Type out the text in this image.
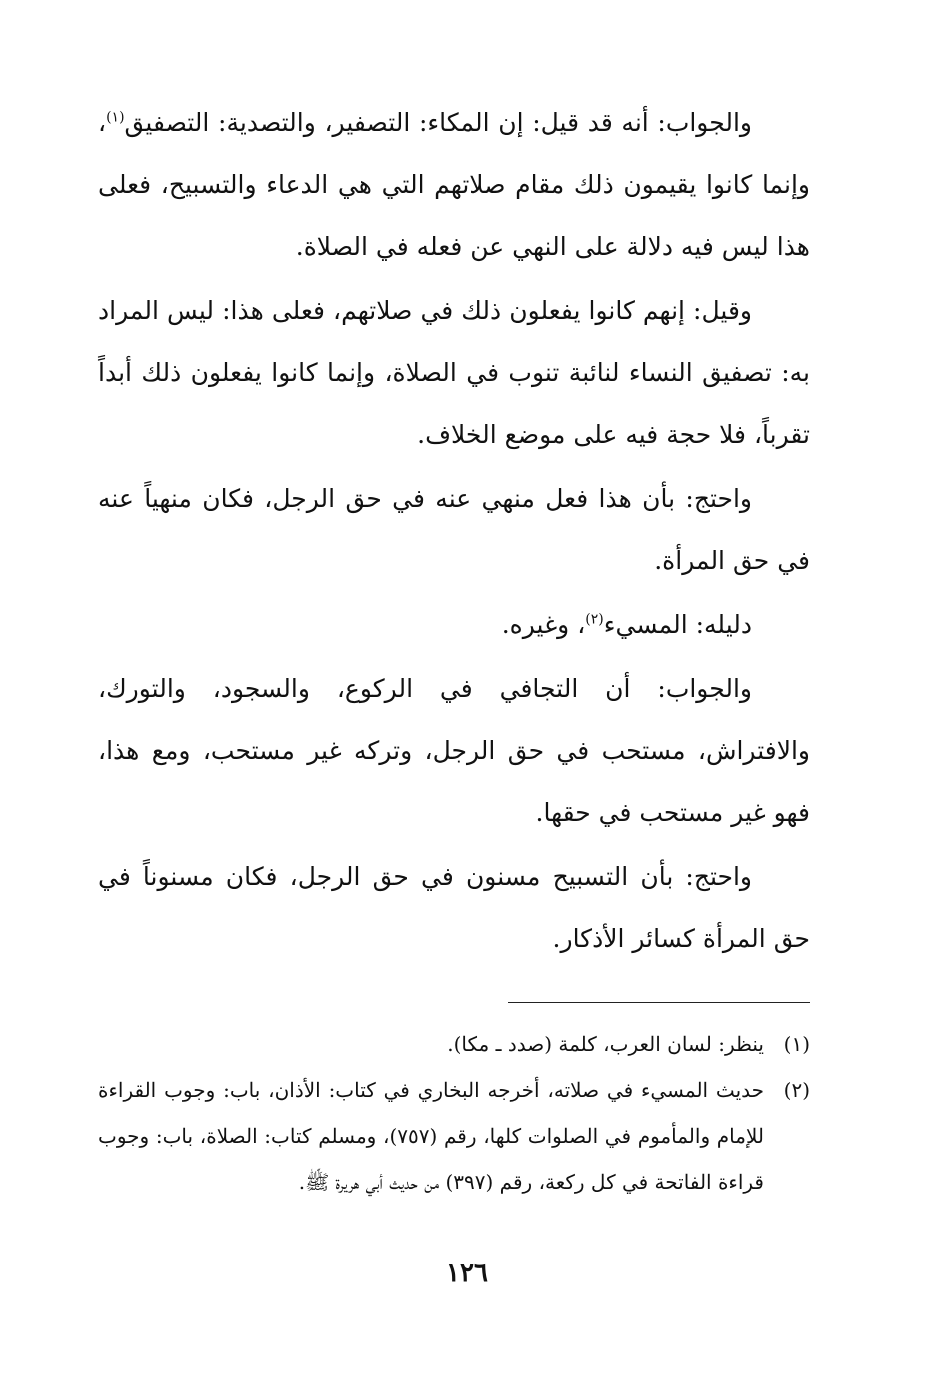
والجواب: أنه قد قيل: إن المكاء: التصفير، والتصدية: التصفيق$^{(١)}$، وإنما كانوا يقيمون ذلك مقام صلاتهم التي هي الدعاء والتسبيح، فعلى هذا ليس فيه دلالة على النهي عن فعله في الصلاة.

وقيل: إنهم كانوا يفعلون ذلك في صلاتهم، فعلى هذا: ليس المراد به: تصفيق النساء لنائبة تنوب في الصلاة، وإنما كانوا يفعلون ذلك أبداً تقرباً، فلا حجة فيه على موضع الخلاف.

واحتج: بأن هذا فعل منهي عنه في حق الرجل، فكان منهياً عنه في حق المرأة.

دليله: المسيء$^{(٢)}$، وغيره.

والجواب: أن التجافي في الركوع، والسجود، والتورك، والافتراش، مستحب في حق الرجل، وتركه غير مستحب، ومع هذا، فهو غير مستحب في حقها.

واحتج: بأن التسبيح مسنون في حق الرجل، فكان مسنوناً في حق المرأة كسائر الأذكار.

(١)
ينظر: لسان العرب، كلمة (صدد ـ مكا).
(٢)
حديث المسيء في صلاته، أخرجه البخاري في كتاب: الأذان، باب: وجوب القراءة للإمام والمأموم في الصلوات كلها، رقم (٧٥٧)، ومسلم كتاب: الصلاة، باب: وجوب قراءة الفاتحة في كل ركعة، رقم (٣٩٧) من حديث أبي هريرة ﷺ.
١٢٦
